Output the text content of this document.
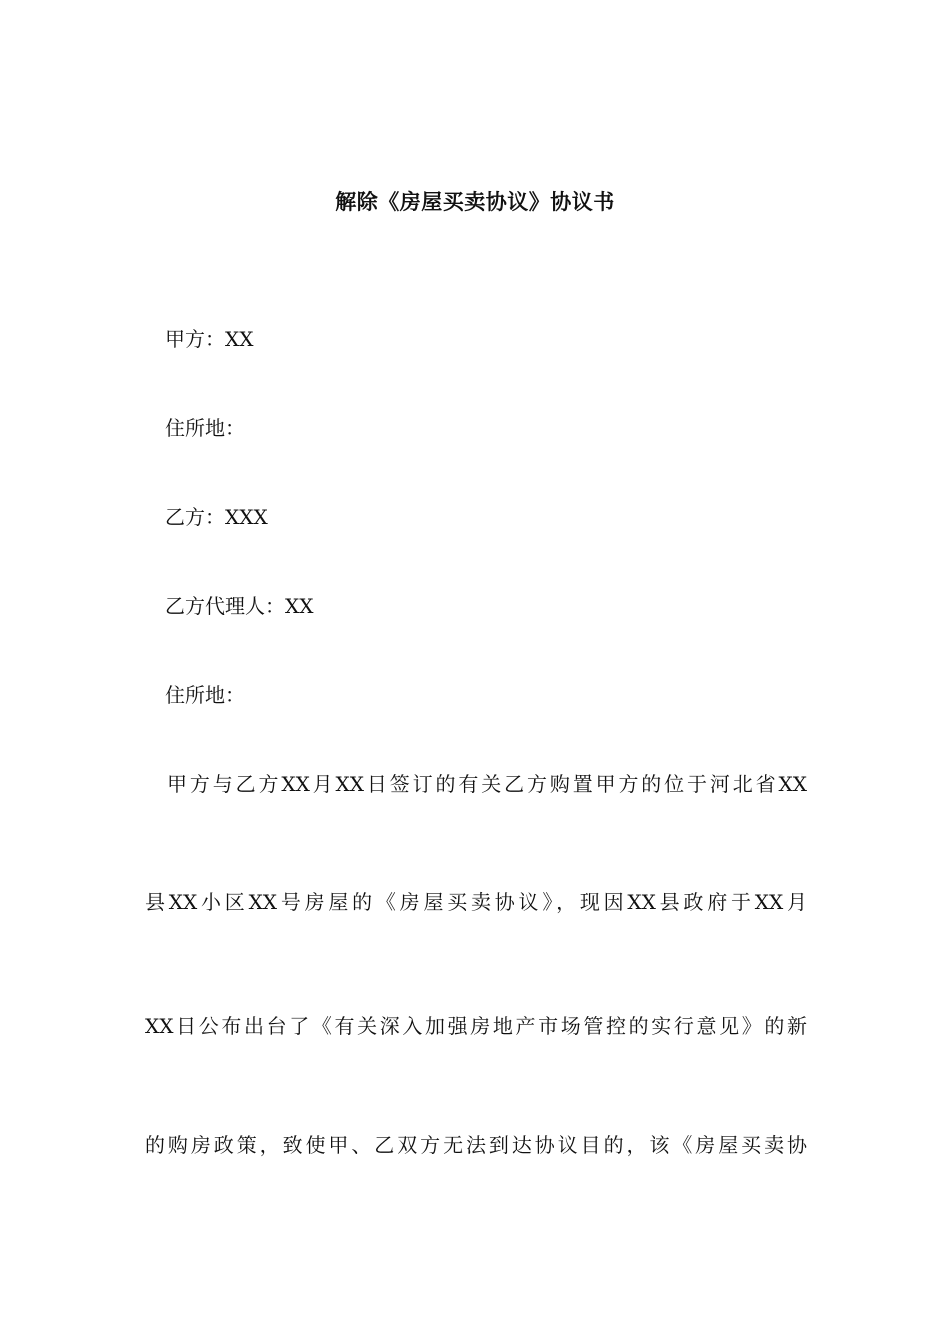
解除《房屋买卖协议》协议书
甲方：XX
住所地：
乙方：XXX
乙方代理人：XX
住所地：
甲方与乙方XX月XX日签订的有关乙方购置甲方的位于河北省XX
县XX小区XX号房屋的《房屋买卖协议》，现因XX县政府于XX月
XX日公布出台了《有关深入加强房地产市场管控的实行意见》的新
的购房政策，致使甲、乙双方无法到达协议目的，该《房屋买卖协
